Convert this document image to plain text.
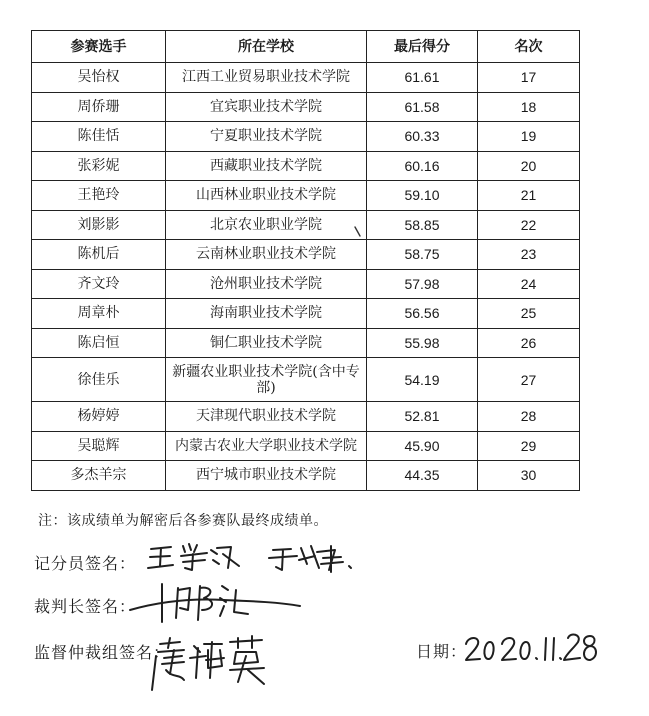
参赛选手	所在学校	最后得分	名次
吴怡权	江西工业贸易职业技术学院	61.61	17
周侨珊	宜宾职业技术学院	61.58	18
陈佳恬	宁夏职业技术学院	60.33	19
张彩妮	西藏职业技术学院	60.16	20
王艳玲	山西林业职业技术学院	59.10	21
刘影影	北京农业职业学院	58.85	22
陈机后	云南林业职业技术学院	58.75	23
齐文玲	沧州职业技术学院	57.98	24
周章朴	海南职业技术学院	56.56	25
陈启恒	铜仁职业技术学院	55.98	26
徐佳乐	新疆农业职业技术学院(含中专部)	54.19	27
杨婷婷	天津现代职业技术学院	52.81	28
吴聪辉	内蒙古农业大学职业技术学院	45.90	29
多杰羊宗	西宁城市职业技术学院	44.35	30
注：该成绩单为解密后各参赛队最终成绩单。
记分员签名：
裁判长签名：
监督仲裁组签名：	日期：
